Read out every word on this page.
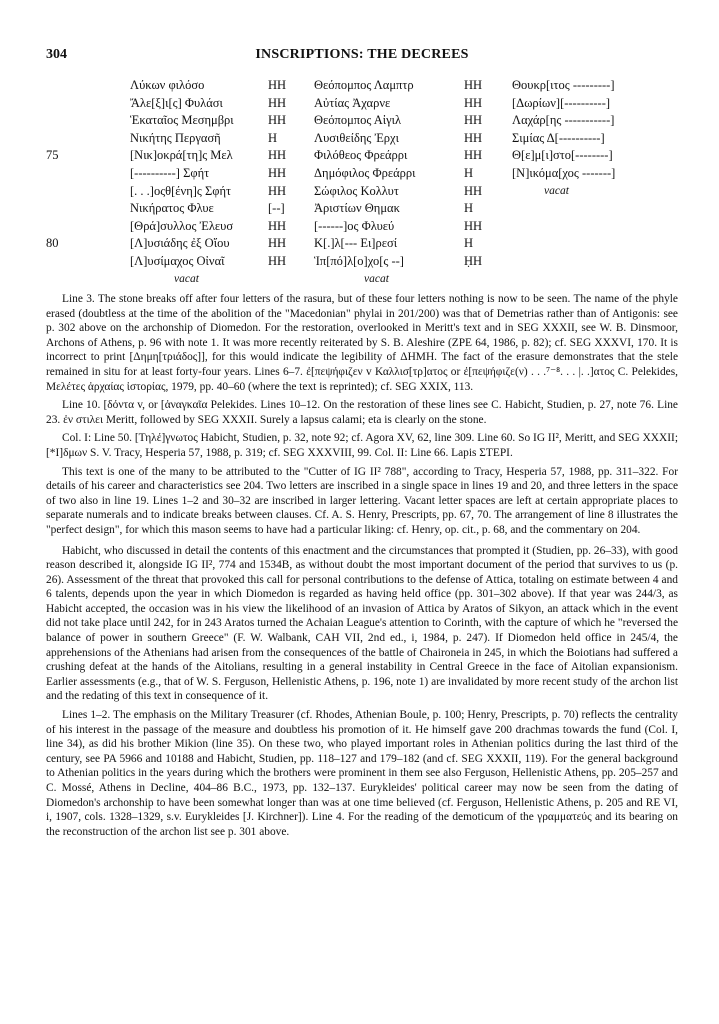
304	INSCRIPTIONS: THE DECREES
Λύκων φιλόσο	HH	Θεόπομπος Λαμπτρ	HH	Θουκρ[ιτος ---------]
Ἄλε[ξ]ι[ς] Φυλάσι	HH	Αὐτίας Ἀχαρνε	HH	[Δωρίων][----------]
Ἑκαταῖος Μεσημβρι	HH	Θεόπομπος Αἰγιλ	HH	Λαχάρ[ης -----------]
Νικήτης Περγασῆ	H	Λυσιθείδης Ἐρχι	HH	Σιμίας Δ[----------]
75	[Νικ]οκρά[τη]ς Μελ	HH	Φιλόθεος Φρεάρρι	HH	Θ[ε]μ[ι]στο[--------]
[----------] Σφήτ	HH	Δημόφιλος Φρεάρρι	H	[Ν]ικόμα[χος -------]
[. . .]οςθ[ένη]ς Σφήτ	HH	Σώφιλος Κολλυτ	HH	vacat
Νικήρατος Φλυε	[--]	Ἀριστίων Θημακ	H
[Θρά]συλλος Ἐλευσ	HH	[------]ος Φλυεύ	HH
80	[Λ]υσιάδης ἐξ Οἴου	HH	Κ[.]λ[--- Ει]ρεσί	H
[Λ]υσίμαχος Οἰναῖ	HH	Ἱπ[πό]λ[ο]χο[ς --]	ḤH
vacat	vacat

Line 3. The stone breaks off after four letters of the rasura, but of these four letters nothing is now to be seen. The name of the phyle erased (doubtless at the time of the abolition of the "Macedonian" phylai in 201/200) was that of Demetrias rather than of Antigonis: see p. 302 above on the archonship of Diomedon. For the restoration, overlooked in Meritt's text and in SEG XXXII, see W. B. Dinsmoor, Archons of Athens, p. 96 with note 1. It was more recently reiterated by S. B. Aleshire (ZPE 64, 1986, p. 82); cf. SEG XXXVI, 170. It is incorrect to print [Δημη[τριάδος]], for this would indicate the legibility of ΔΗΜΗ. The fact of the erasure demonstrates that the stele remained in situ for at least forty-four years. Lines 6–7. ἐ[πεψήφιζεν v Καλλισ[τρ]ατος or ἐ[πεψήφιζε(ν) . . .⁷⁻⁸. . . |. .]ατος C. Pelekides, Μελέτες ἀρχαίας ἱστορίας, 1979, pp. 40–60 (where the text is reprinted); cf. SEG XXIX, 113.

Line 10. [δόντα v, or [ἀναγκαῖα Pelekides. Lines 10–12. On the restoration of these lines see C. Habicht, Studien, p. 27, note 76. Line 23. ἐν στιλει Meritt, followed by SEG XXXII. Surely a lapsus calami; eta is clearly on the stone.

Col. I: Line 50. [Τηλέ]γνωτος Habicht, Studien, p. 32, note 92; cf. Agora XV, 62, line 309. Line 60. So IG II², Meritt, and SEG XXXII; [*Ι]δμων S. V. Tracy, Hesperia 57, 1988, p. 319; cf. SEG XXXVIII, 99. Col. II: Line 66. Lapis ΣΤΕΡΙ.

This text is one of the many to be attributed to the "Cutter of IG II² 788", according to Tracy, Hesperia 57, 1988, pp. 311–322. For details of his career and characteristics see 204. Two letters are inscribed in a single space in lines 19 and 20, and three letters in the space of two also in line 19. Lines 1–2 and 30–32 are inscribed in larger lettering. Vacant letter spaces are left at certain appropriate places to separate numerals and to indicate breaks between clauses. Cf. A. S. Henry, Prescripts, pp. 67, 70. The arrangement of line 8 illustrates the "perfect design", for which this mason seems to have had a particular liking: cf. Henry, op. cit., p. 68, and the commentary on 204.

Habicht, who discussed in detail the contents of this enactment and the circumstances that prompted it (Studien, pp. 26–33), with good reason described it, alongside IG II², 774 and 1534B, as without doubt the most important document of the period that survives to us (p. 26). Assessment of the threat that provoked this call for personal contributions to the defense of Attica, totaling on estimate between 4 and 6 talents, depends upon the year in which Diomedon is regarded as having held office (pp. 301–302 above). If that year was 244/3, as Habicht accepted, the occasion was in his view the likelihood of an invasion of Attica by Aratos of Sikyon, an attack which in the event did not take place until 242, for in 243 Aratos turned the Achaian League's attention to Corinth, with the capture of which he "reversed the balance of power in southern Greece" (F. W. Walbank, CAH VII, 2nd ed., i, 1984, p. 247). If Diomedon held office in 245/4, the apprehensions of the Athenians had arisen from the consequences of the battle of Chaironeia in 245, in which the Boiotians had suffered a crushing defeat at the hands of the Aitolians, resulting in a general instability in Central Greece in the face of Aitolian expansionism. Earlier assessments (e.g., that of W. S. Ferguson, Hellenistic Athens, p. 196, note 1) are invalidated by more recent study of the archon list and the redating of this text in consequence of it.

Lines 1–2. The emphasis on the Military Treasurer (cf. Rhodes, Athenian Boule, p. 100; Henry, Prescripts, p. 70) reflects the centrality of his interest in the passage of the measure and doubtless his promotion of it. He himself gave 200 drachmas towards the fund (Col. I, line 34), as did his brother Mikion (line 35). On these two, who played important roles in Athenian politics during the last third of the century, see PA 5966 and 10188 and Habicht, Studien, pp. 118–127 and 179–182 (and cf. SEG XXXII, 119). For the general background to Athenian politics in the years during which the brothers were prominent in them see also Ferguson, Hellenistic Athens, pp. 205–257 and C. Mossé, Athens in Decline, 404–86 B.C., 1973, pp. 132–137. Eurykleides' political career may now be seen from the dating of Diomedon's archonship to have been somewhat longer than was at one time believed (cf. Ferguson, Hellenistic Athens, p. 205 and RE VI, i, 1907, cols. 1328–1329, s.v. Eurykleides [J. Kirchner]). Line 4. For the reading of the demoticum of the γραμματεύς and its bearing on the reconstruction of the archon list see p. 301 above.
